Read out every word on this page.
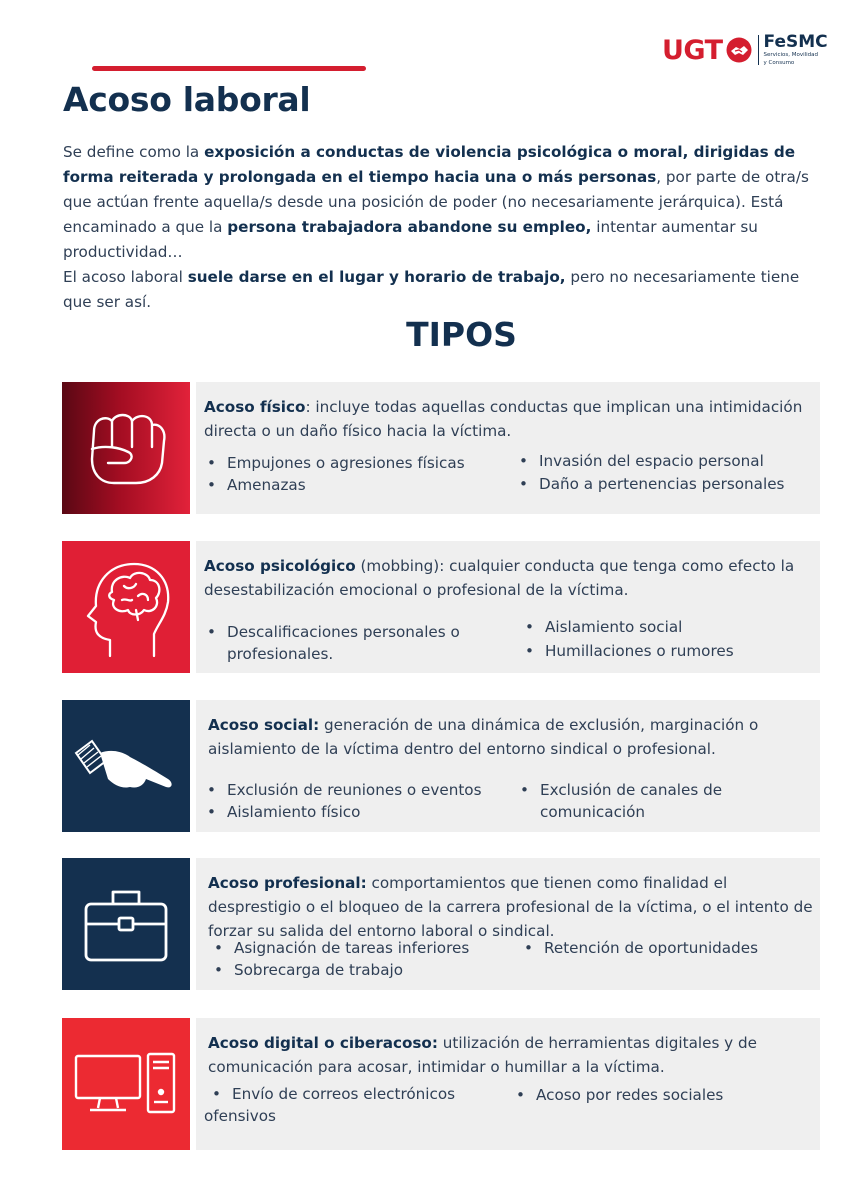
UGT FeSMC
Servicios, Movilidad
y Consumo
Acoso laboral

Se define como la exposición a conductas de violencia psicológica o moral, dirigidas de forma reiterada y prolongada en el tiempo hacia una o más personas, por parte de otra/s que actúan frente aquella/s desde una posición de poder (no necesariamente jerárquica). Está encaminado a que la persona trabajadora abandone su empleo, intentar aumentar su productividad…
El acoso laboral suele darse en el lugar y horario de trabajo, pero no necesariamente tiene que ser así.

TIPOS

Acoso físico: incluye todas aquellas conductas que implican una intimidación directa o un daño físico hacia la víctima.

• Empujones o agresiones físicas
• Amenazas
• Invasión del espacio personal
• Daño a pertenencias personales

Acoso psicológico (mobbing): cualquier conducta que tenga como efecto la desestabilización emocional o profesional de la víctima.

• Descalificaciones personales o profesionales.
• Aislamiento social
• Humillaciones o rumores

Acoso social: generación de una dinámica de exclusión, marginación o aislamiento de la víctima dentro del entorno sindical o profesional.

• Exclusión de reuniones o eventos
• Aislamiento físico
• Exclusión de canales de comunicación

Acoso profesional: comportamientos que tienen como finalidad el desprestigio o el bloqueo de la carrera profesional de la víctima, o el intento de forzar su salida del entorno laboral o sindical.

• Asignación de tareas inferiores
• Sobrecarga de trabajo
• Retención de oportunidades

Acoso digital o ciberacoso: utilización de herramientas digitales y de comunicación para acosar, intimidar o humillar a la víctima.

• Envío de correos electrónicos
ofensivos
• Acoso por redes sociales
